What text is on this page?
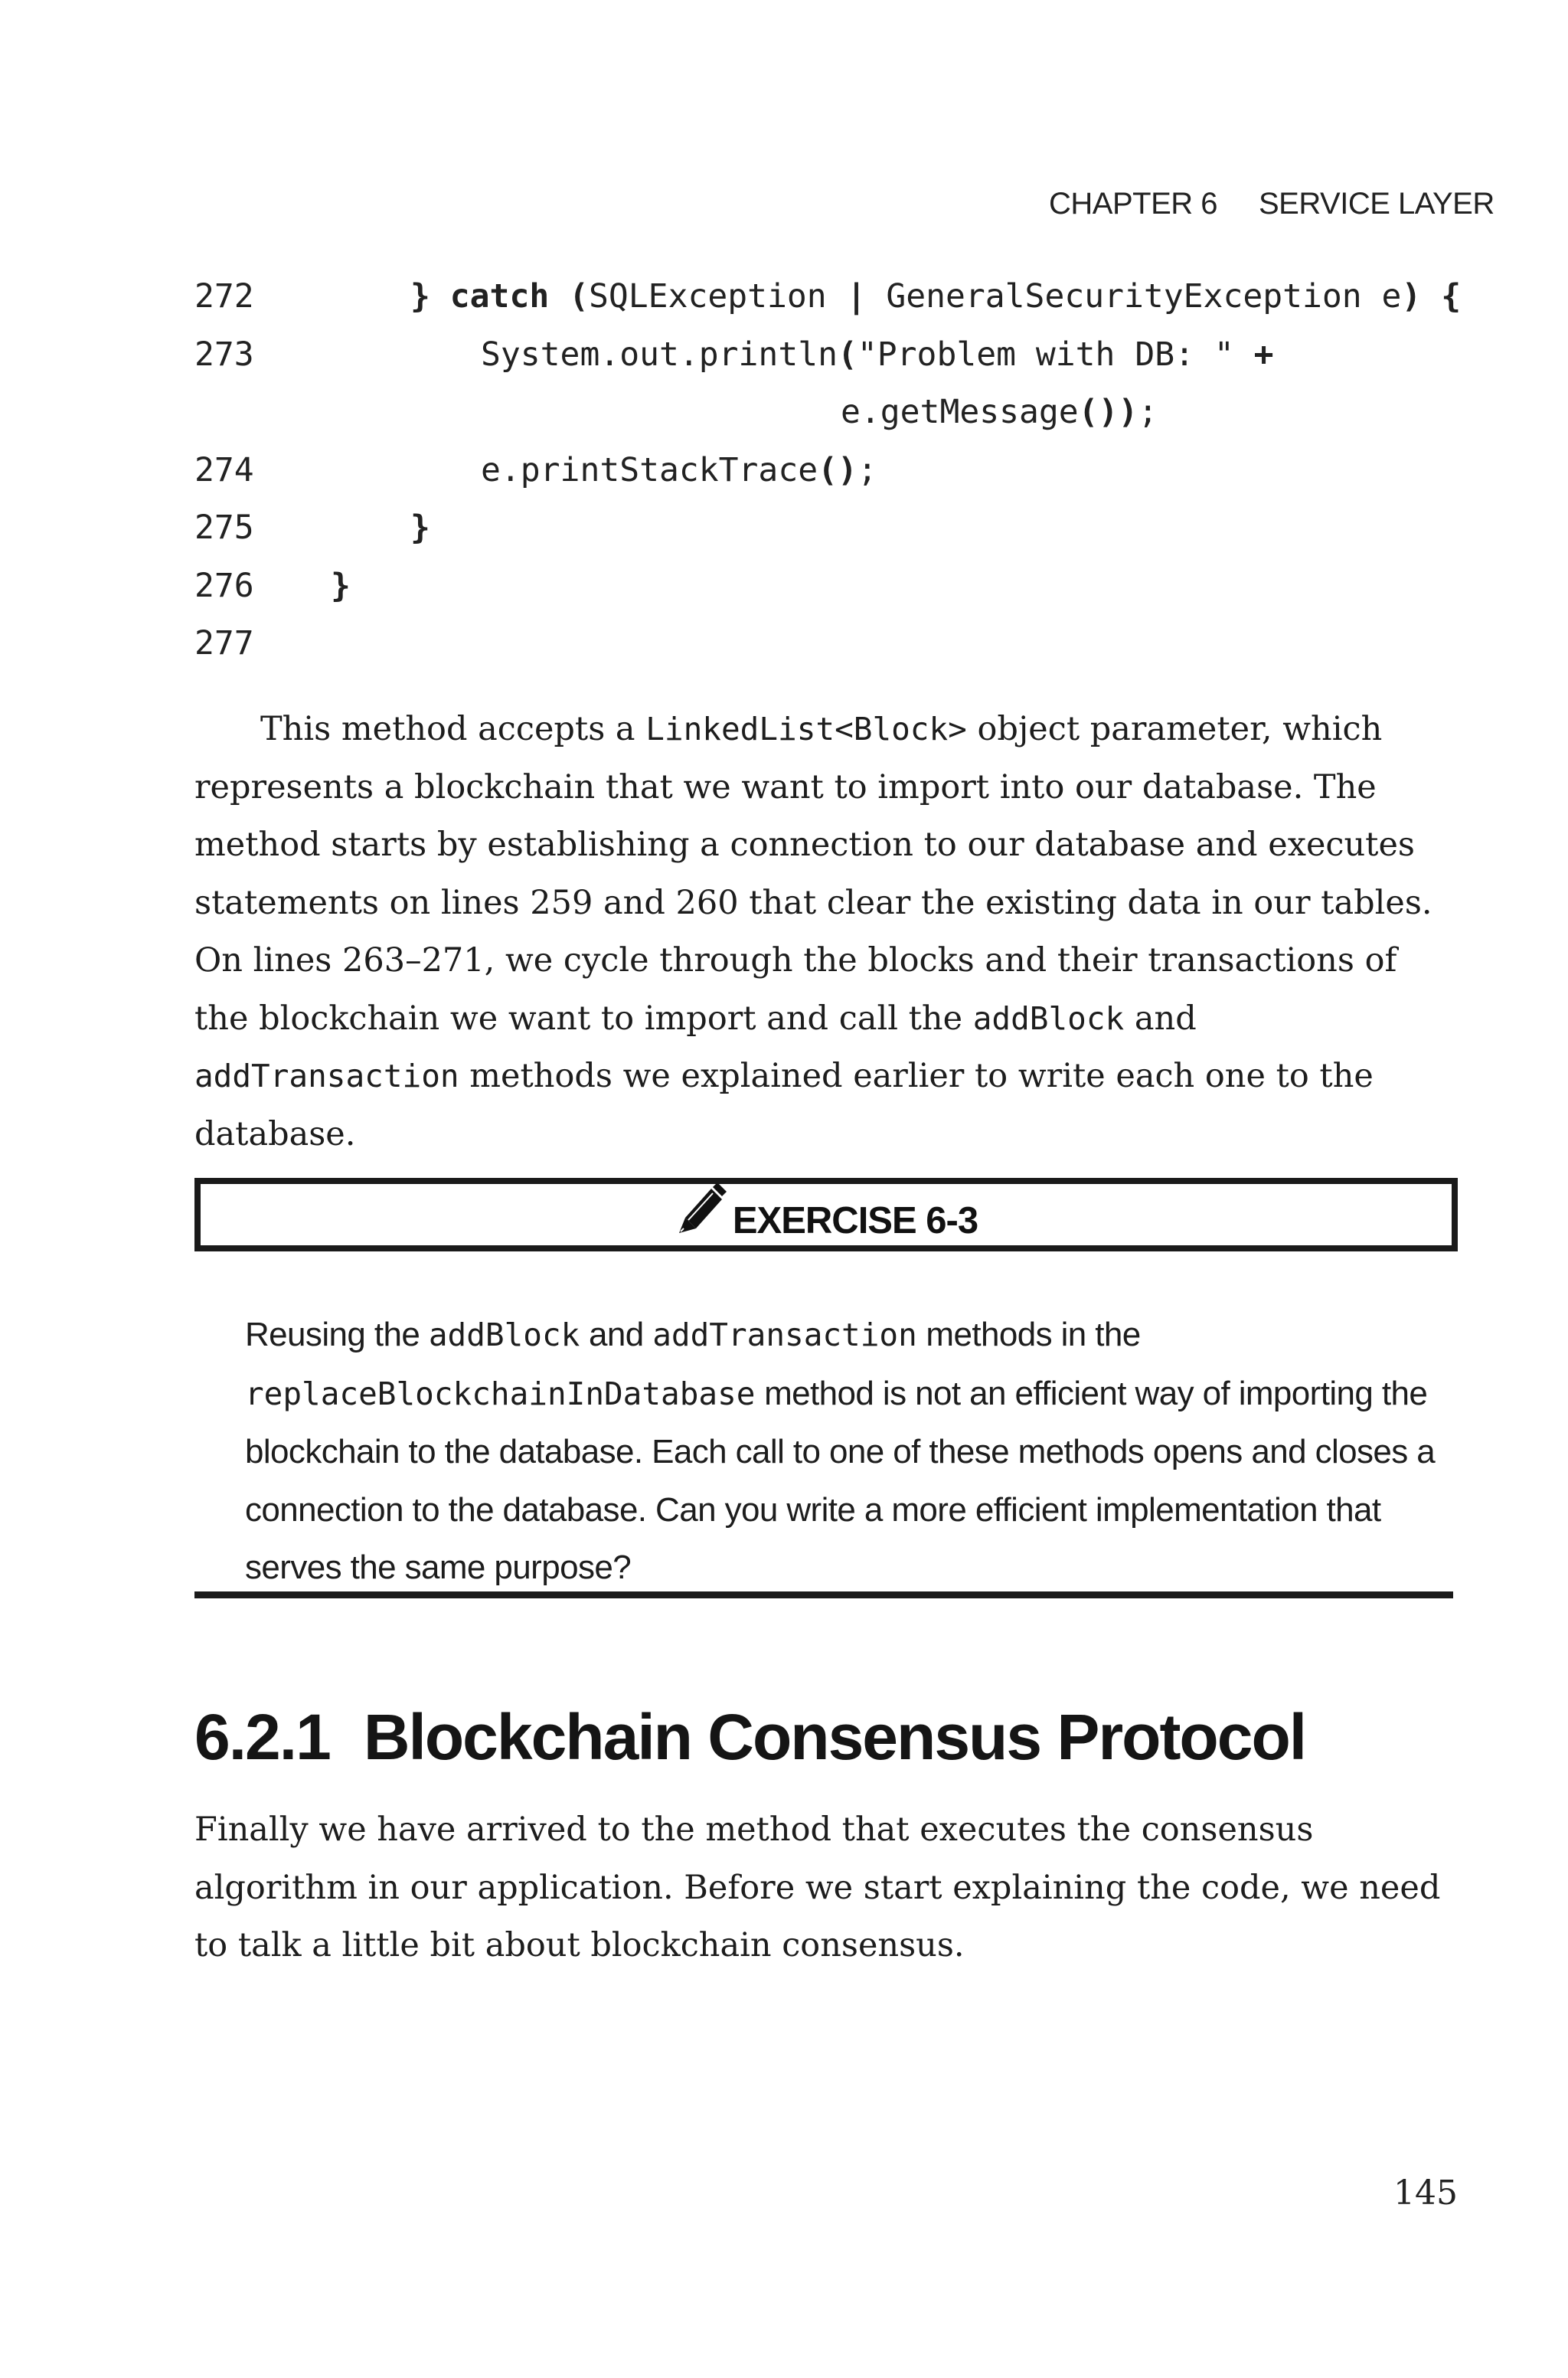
CHAPTER 6 SERVICE LAYER
272	} catch (SQLException | GeneralSecurityException e) {
273	System.out.println("Problem with DB: " +
e.getMessage());
274	e.printStackTrace();
275	}
276 }
277

This method accepts a LinkedList<Block> object parameter, which represents a blockchain that we want to import into our database. The method starts by establishing a connection to our database and executes statements on lines 259 and 260 that clear the existing data in our tables. On lines 263–271, we cycle through the blocks and their transactions of the blockchain we want to import and call the addBlock and addTransaction methods we explained earlier to write each one to the database.

EXERCISE 6-3

Reusing the addBlock and addTransaction methods in the replaceBlockchainInDatabase method is not an efficient way of importing the blockchain to the database. Each call to one of these methods opens and closes a connection to the database. Can you write a more efficient implementation that serves the same purpose?

6.2.1 Blockchain Consensus Protocol

Finally we have arrived to the method that executes the consensus algorithm in our application. Before we start explaining the code, we need to talk a little bit about blockchain consensus.

145
